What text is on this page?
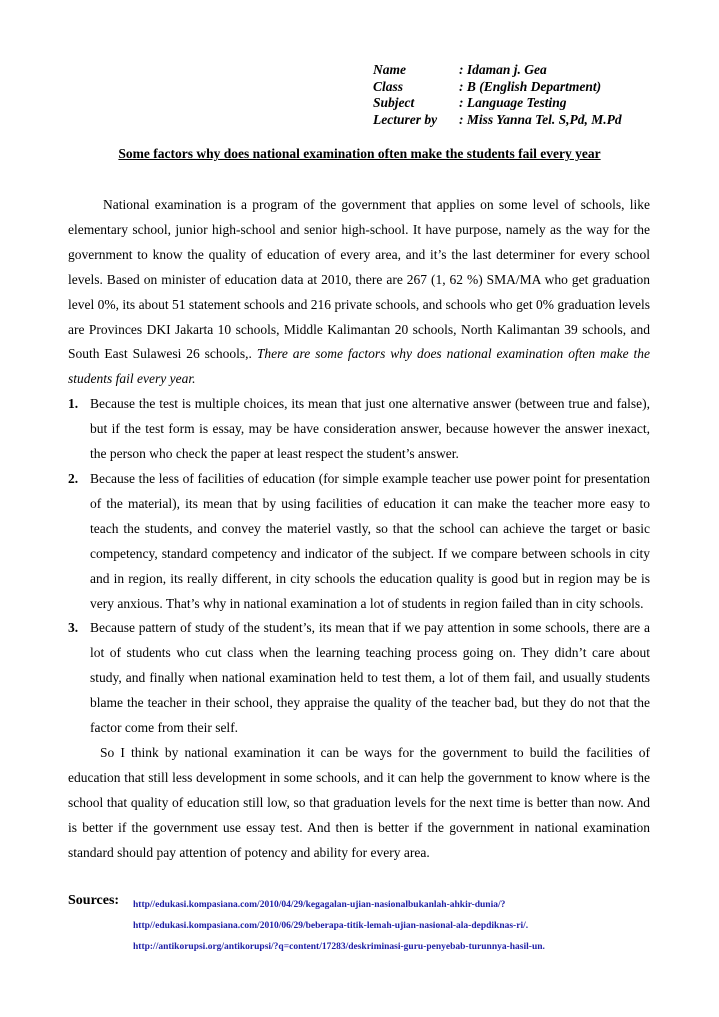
Name	: Idaman j. Gea
Class	: B (English Department)
Subject	: Language Testing
Lecturer by	: Miss Yanna Tel. S,Pd, M.Pd
Some factors why does national examination often make the students fail every year

National examination is a program of the government that applies on some level of schools, like elementary school, junior high-school and senior high-school. It have purpose, namely as the way for the government to know the quality of education of every area, and it’s the last determiner for every school levels. Based on minister of education data at 2010, there are 267 (1, 62 %) SMA/MA who get graduation level 0%, its about 51 statement schools and 216 private schools, and schools who get 0% graduation levels are Provinces DKI Jakarta 10 schools, Middle Kalimantan 20 schools, North Kalimantan 39 schools, and South East Sulawesi 26 schools,. There are some factors why does national examination often make the students fail every year.

1. Because the test is multiple choices, its mean that just one alternative answer (between true and false), but if the test form is essay, may be have consideration answer, because however the answer inexact, the person who check the paper at least respect the student’s answer.
2. Because the less of facilities of education (for simple example teacher use power point for presentation of the material), its mean that by using facilities of education it can make the teacher more easy to teach the students, and convey the materiel vastly, so that the school can achieve the target or basic competency, standard competency and indicator of the subject. If we compare between schools in city and in region, its really different, in city schools the education quality is good but in region may be is very anxious. That’s why in national examination a lot of students in region failed than in city schools.
3. Because pattern of study of the student’s, its mean that if we pay attention in some schools, there are a lot of students who cut class when the learning teaching process going on. They didn’t care about study, and finally when national examination held to test them, a lot of them fail, and usually students blame the teacher in their school, they appraise the quality of the teacher bad, but they do not that the factor come from their self.

So I think by national examination it can be ways for the government to build the facilities of education that still less development in some schools, and it can help the government to know where is the school that quality of education still low, so that graduation levels for the next time is better than now. And is better if the government use essay test. And then is better if the government in national examination standard should pay attention of potency and ability for every area.

Sources: http//edukasi.kompasiana.com/2010/04/29/kegagalan-ujian-nasionalbukanlah-ahkir-dunia/?
http//edukasi.kompasiana.com/2010/06/29/beberapa-titik-lemah-ujian-nasional-ala-depdiknas-ri/.
http://antikorupsi.org/antikorupsi/?q=content/17283/deskriminasi-guru-penyebab-turunnya-hasil-un.
